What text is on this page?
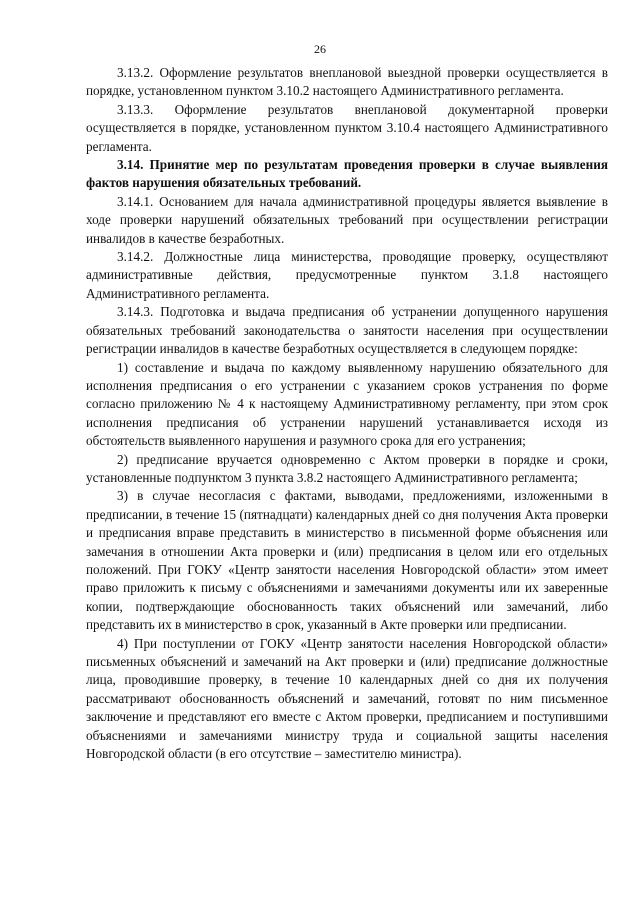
26

3.13.2. Оформление результатов внеплановой выездной проверки осуществляется в порядке, установленном пунктом 3.10.2 настоящего Административного регламента.

3.13.3. Оформление результатов внеплановой документарной проверки осуществляется в порядке, установленном пунктом 3.10.4 настоящего Административного регламента.

3.14. Принятие мер по результатам проведения проверки в случае выявления фактов нарушения обязательных требований.

3.14.1. Основанием для начала административной процедуры является выявление в ходе проверки нарушений обязательных требований при осуществлении регистрации инвалидов в качестве безработных.

3.14.2. Должностные лица министерства, проводящие проверку, осуществляют административные действия, предусмотренные пунктом 3.1.8 настоящего Административного регламента.

3.14.3. Подготовка и выдача предписания об устранении допущенного нарушения обязательных требований законодательства о занятости населения при осуществлении регистрации инвалидов в качестве безработных осуществляется в следующем порядке:

1) составление и выдача по каждому выявленному нарушению обязательного для исполнения предписания о его устранении с указанием сроков устранения по форме согласно приложению № 4 к настоящему Административному регламенту, при этом срок исполнения предписания об устранении нарушений устанавливается исходя из обстоятельств выявленного нарушения и разумного срока для его устранения;

2) предписание вручается одновременно с Актом проверки в порядке и сроки, установленные подпунктом 3 пункта 3.8.2 настоящего Административного регламента;

3) в случае несогласия с фактами, выводами, предложениями, изложенными в предписании, в течение 15 (пятнадцати) календарных дней со дня получения Акта проверки и предписания вправе представить в министерство в письменной форме объяснения или замечания в отношении Акта проверки и (или) предписания в целом или его отдельных положений. При ГОКУ «Центр занятости населения Новгородской области» этом имеет право приложить к письму с объяснениями и замечаниями документы или их заверенные копии, подтверждающие обоснованность таких объяснений или замечаний, либо представить их в министерство в срок, указанный в Акте проверки или предписании.

4) При поступлении от ГОКУ «Центр занятости населения Новгородской области» письменных объяснений и замечаний на Акт проверки и (или) предписание должностные лица, проводившие проверку, в течение 10 календарных дней со дня их получения рассматривают обоснованность объяснений и замечаний, готовят по ним письменное заключение и представляют его вместе с Актом проверки, предписанием и поступившими объяснениями и замечаниями министру труда и социальной защиты населения Новгородской области (в его отсутствие – заместителю министра).
